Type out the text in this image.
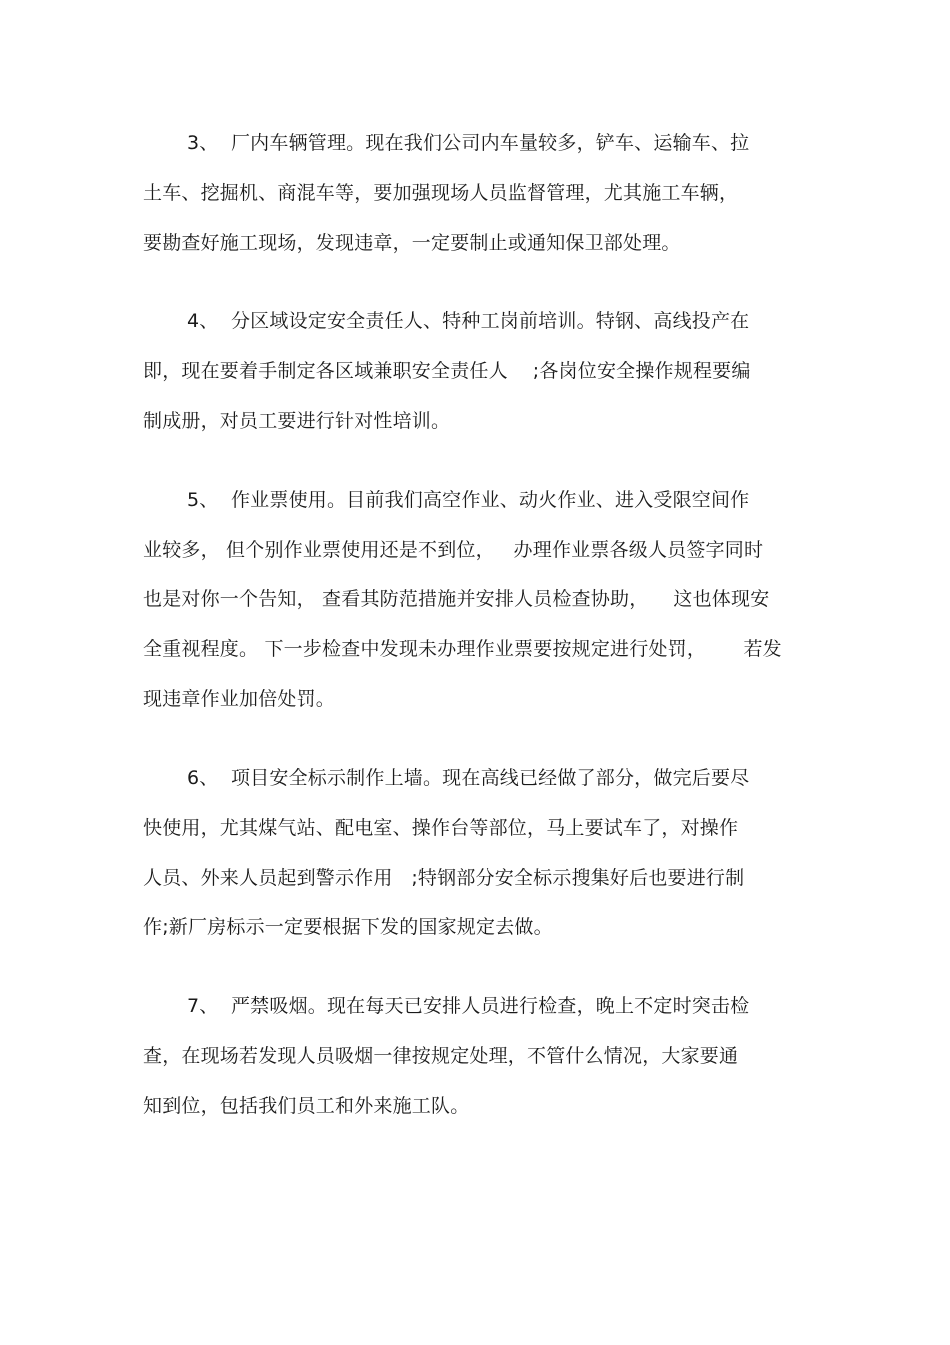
3、  厂内车辆管理。现在我们公司内车量较多，铲车、运输车、拉
土车、挖掘机、商混车等，要加强现场人员监督管理，尤其施工车辆，
要勘查好施工现场，发现违章，一定要制止或通知保卫部处理。
4、  分区域设定安全责任人、特种工岗前培训。特钢、高线投产在
即，现在要着手制定各区域兼职安全责任人    ;各岗位安全操作规程要编
制成册，对员工要进行针对性培训。
5、  作业票使用。目前我们高空作业、动火作业、进入受限空间作
业较多， 但个别作业票使用还是不到位，   办理作业票各级人员签字同时
也是对你一个告知， 查看其防范措施并安排人员检查协助，    这也体现安
全重视程度。 下一步检查中发现未办理作业票要按规定进行处罚，      若发
现违章作业加倍处罚。
6、  项目安全标示制作上墙。现在高线已经做了部分，做完后要尽
快使用，尤其煤气站、配电室、操作台等部位，马上要试车了，对操作
人员、外来人员起到警示作用   ;特钢部分安全标示搜集好后也要进行制
作;新厂房标示一定要根据下发的国家规定去做。
7、  严禁吸烟。现在每天已安排人员进行检查，晚上不定时突击检
查，在现场若发现人员吸烟一律按规定处理，不管什么情况，大家要通
知到位，包括我们员工和外来施工队。
